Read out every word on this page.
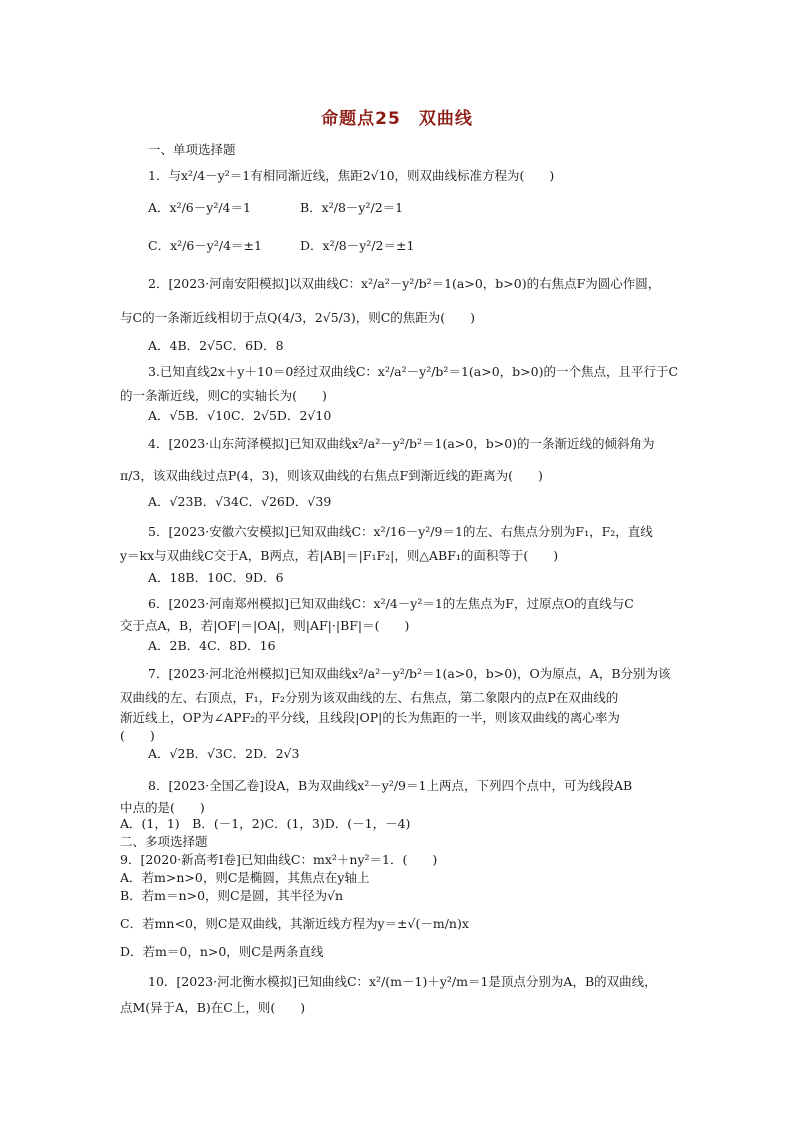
命题点25　双曲线
一、单项选择题
1．与x²/4－y²＝1有相同渐近线，焦距2√10，则双曲线标准方程为(　　)
A．x²/6－y²/4＝1	B．x²/8－y²/2＝1
C．x²/6－y²/4＝±1	D．x²/8－y²/2＝±1
2．[2023·河南安阳模拟]以双曲线C：x²/a²－y²/b²＝1(a>0，b>0)的右焦点F为圆心作圆，
与C的一条渐近线相切于点Q(4/3，2√5/3)，则C的焦距为(　　)
A．4B．2√5C．6D．8
3.已知直线2x＋y＋10＝0经过双曲线C：x²/a²－y²/b²＝1(a>0，b>0)的一个焦点，且平行于C
的一条渐近线，则C的实轴长为(　　)
A．√5B．√10C．2√5D．2√10
4．[2023·山东菏泽模拟]已知双曲线x²/a²－y²/b²＝1(a>0，b>0)的一条渐近线的倾斜角为
π/3，该双曲线过点P(4，3)，则该双曲线的右焦点F到渐近线的距离为(　　)
A．√23B．√34C．√26D．√39
5．[2023·安徽六安模拟]已知双曲线C：x²/16－y²/9＝1的左、右焦点分别为F₁，F₂，直线
y＝kx与双曲线C交于A，B两点，若|AB|＝|F₁F₂|，则△ABF₁的面积等于(　　)
A．18B．10C．9D．6
6．[2023·河南郑州模拟]已知双曲线C：x²/4－y²＝1的左焦点为F，过原点O的直线与C
交于点A，B，若|OF|＝|OA|，则|AF|·|BF|＝(　　)
A．2B．4C．8D．16
7．[2023·河北沧州模拟]已知双曲线x²/a²－y²/b²＝1(a>0，b>0)，O为原点，A，B分别为该
双曲线的左、右顶点，F₁，F₂分别为该双曲线的左、右焦点，第二象限内的点P在双曲线的
渐近线上，OP为∠APF₂的平分线，且线段|OP|的长为焦距的一半，则该双曲线的离心率为
(　　)
A．√2B．√3C．2D．2√3
8．[2023·全国乙卷]设A，B为双曲线x²－y²/9＝1上两点，下列四个点中，可为线段AB
中点的是(　　)
A．(1，1)　B．(－1，2)C．(1，3)D．(－1，－4)
二、多项选择题
9．[2020·新高考Ⅰ卷]已知曲线C：mx²＋ny²＝1．(　　)
A．若m>n>0，则C是椭圆，其焦点在y轴上
B．若m＝n>0，则C是圆，其半径为√n
C．若mn<0，则C是双曲线，其渐近线方程为y＝±√(－m/n)x
D．若m＝0，n>0，则C是两条直线
10．[2023·河北衡水模拟]已知曲线C：x²/(m－1)＋y²/m＝1是顶点分别为A，B的双曲线，
点M(异于A，B)在C上，则(　　)
